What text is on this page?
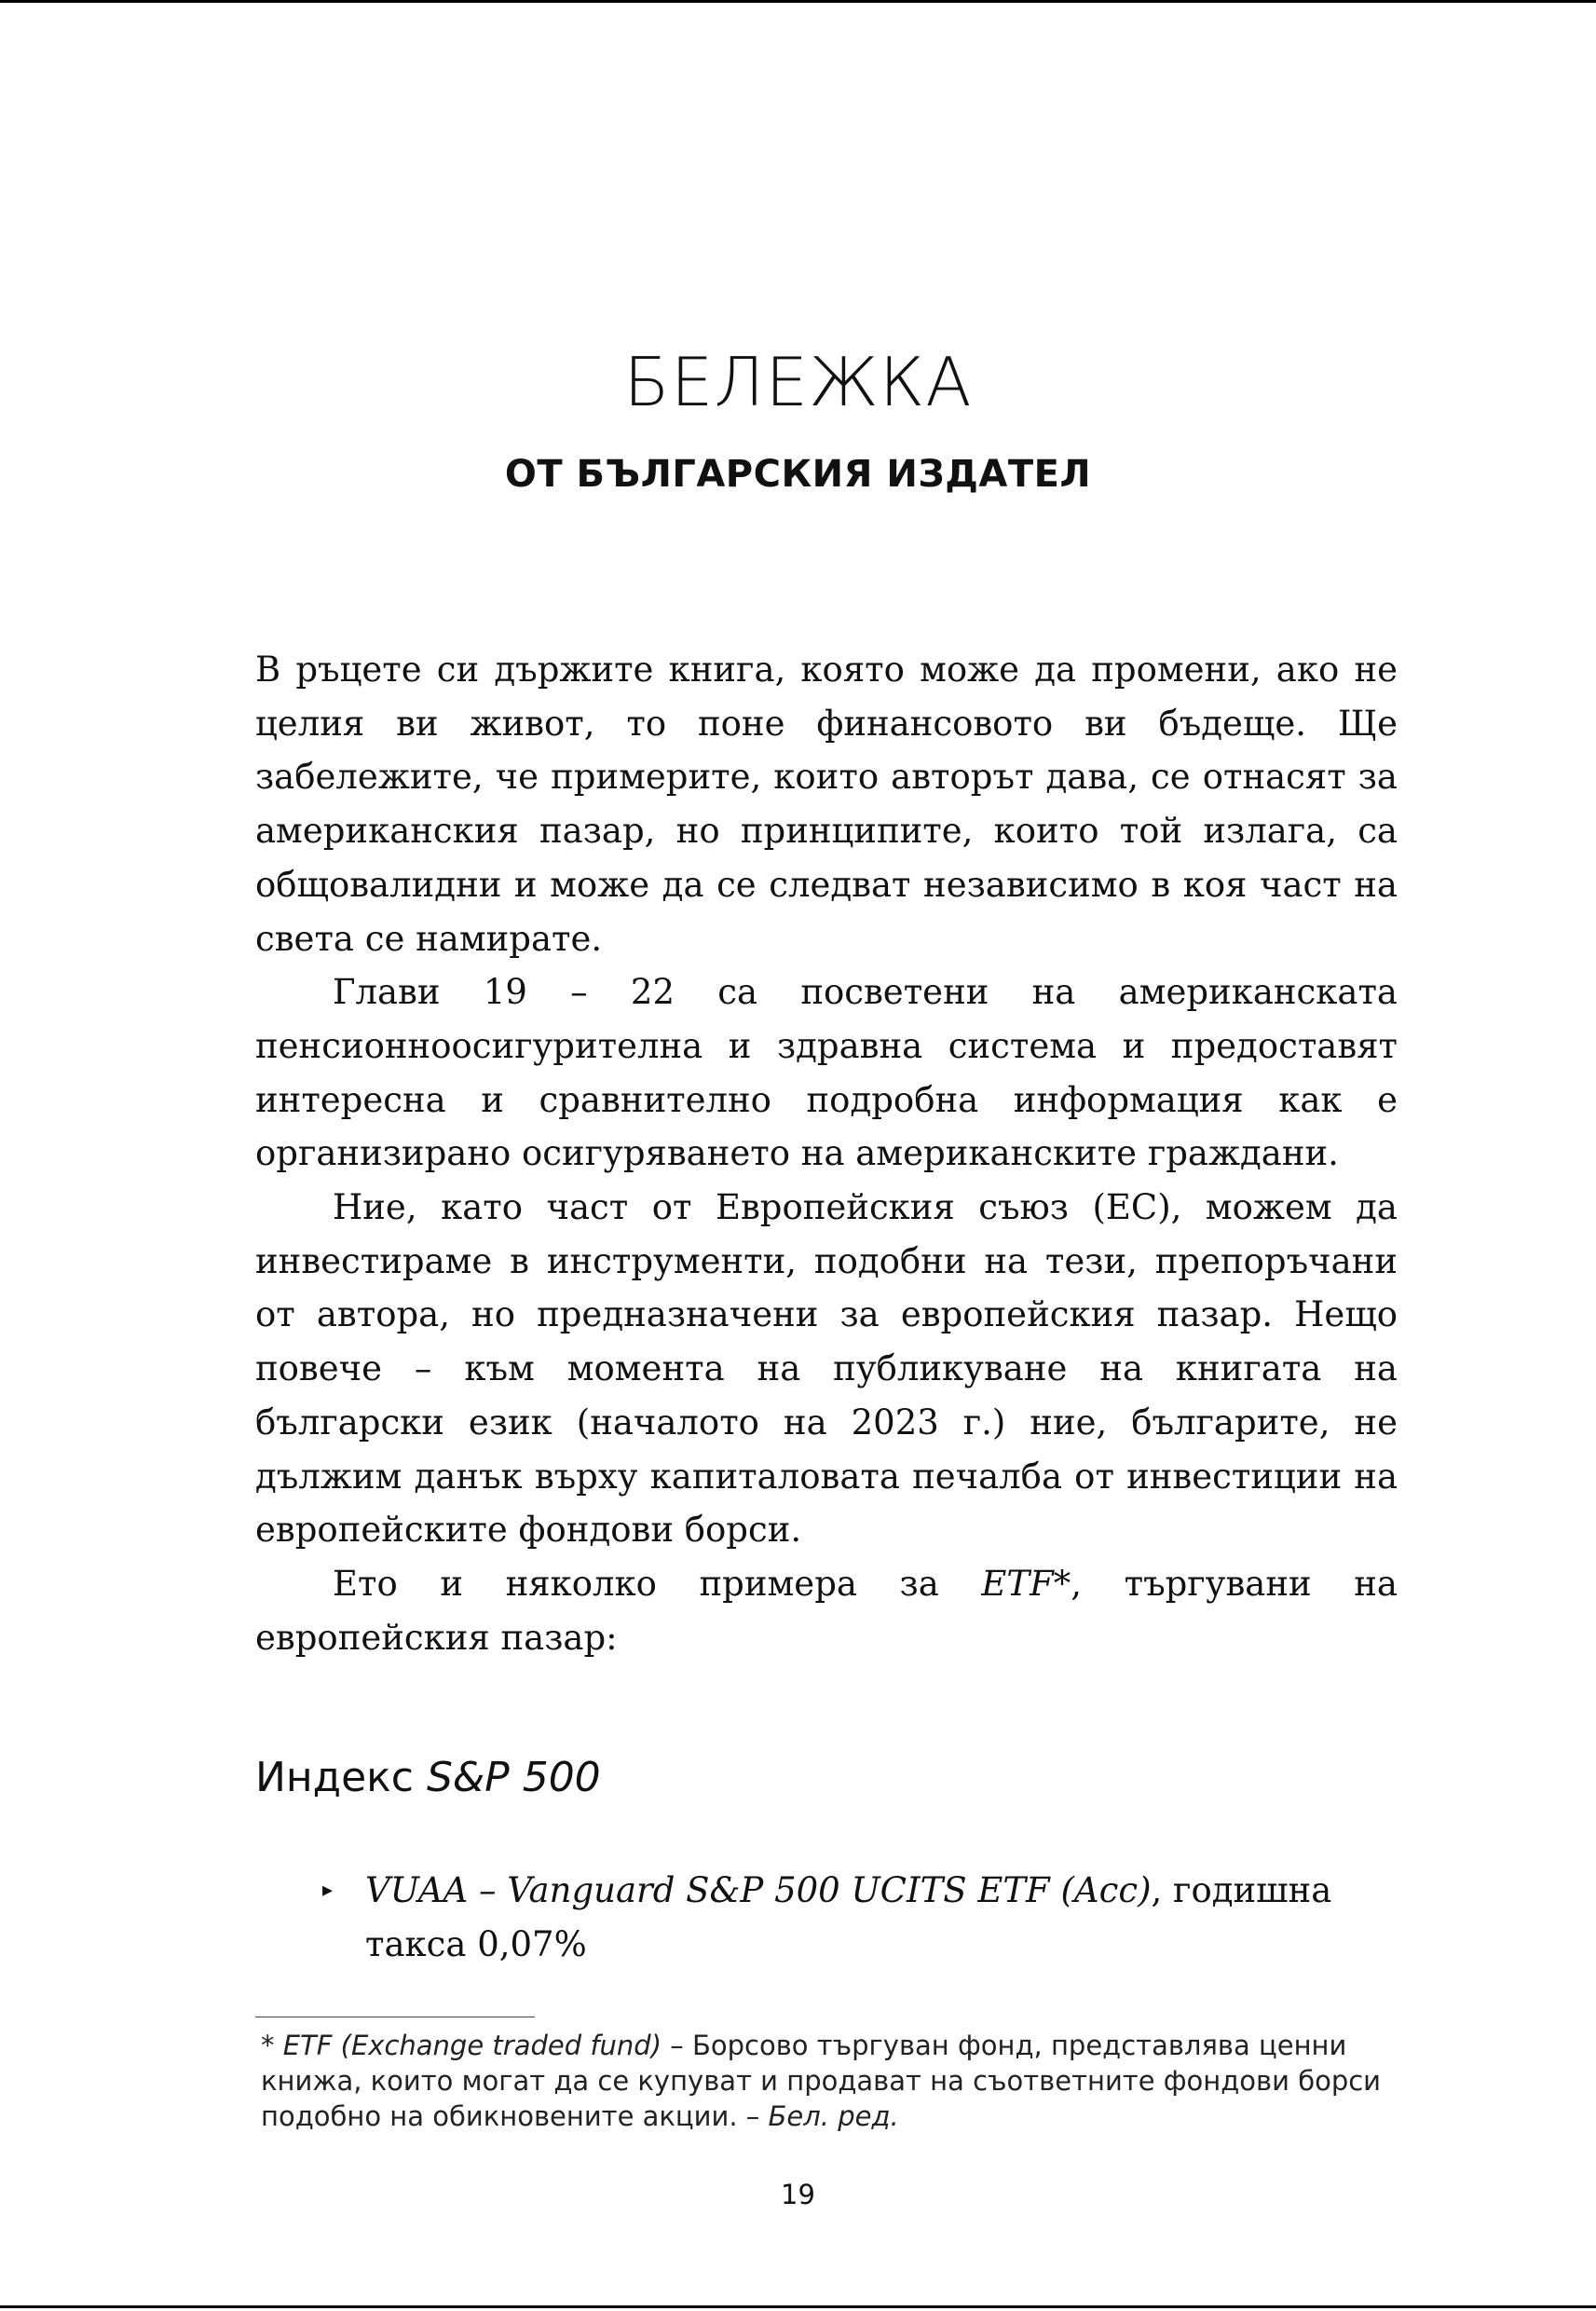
БЕЛЕЖКА
ОТ БЪЛГАРСКИЯ ИЗДАТЕЛ

В ръцете си държите книга, която може да промени, ако не целия ви живот, то поне финансовото ви бъдеще. Ще забележите, че примерите, които авторът дава, се отнасят за американския пазар, но принципите, които той излага, са общовалидни и може да се следват независимо в коя част на света се намирате.

Глави 19 – 22 са посветени на американската пенсионноосигурителна и здравна система и предоставят интересна и сравнително подробна информация как е организирано осигуряването на американските граждани.

Ние, като част от Европейския съюз (ЕС), можем да инвестираме в инструменти, подобни на тези, препоръчани от автора, но предназначени за европейския пазар. Нещо повече – към момента на публикуване на книгата на български език (началото на 2023 г.) ние, българите, не дължим данък върху капиталовата печалба от инвестиции на европейските фондови борси.

Ето и няколко примера за ETF*, търгувани на европейския пазар:

Индекс S&P 500
▸ VUAA – Vanguard S&P 500 UCITS ETF (Acc), годишна такса 0,07%

* ETF (Exchange traded fund) – Борсово търгуван фонд, представлява ценни книжа, които могат да се купуват и продават на съответните фондови борси подобно на обикновените акции. – Бел. ред.

19
